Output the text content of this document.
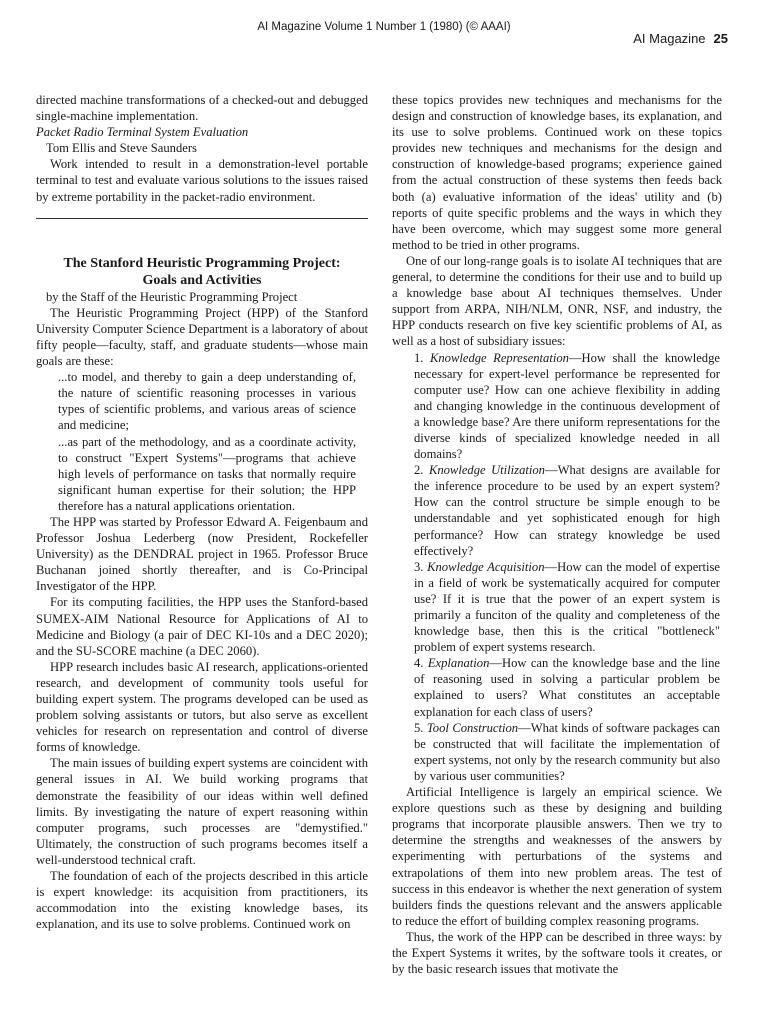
AI Magazine Volume 1 Number 1 (1980) (© AAAI)
AI Magazine 25

directed machine transformations of a checked-out and debugged single-machine implementation.

Packet Radio Terminal System Evaluation

Tom Ellis and Steve Saunders

Work intended to result in a demonstration-level portable terminal to test and evaluate various solutions to the issues raised by extreme portability in the packet-radio environment.

The Stanford Heuristic Programming Project:
Goals and Activities

by the Staff of the Heuristic Programming Project

The Heuristic Programming Project (HPP) of the Stanford University Computer Science Department is a laboratory of about fifty people—faculty, staff, and graduate students—whose main goals are these:

...to model, and thereby to gain a deep understanding of, the nature of scientific reasoning processes in various types of scientific problems, and various areas of science and medicine;

...as part of the methodology, and as a coordinate activity, to construct "Expert Systems"—programs that achieve high levels of performance on tasks that normally require significant human expertise for their solution; the HPP therefore has a natural applications orientation.

The HPP was started by Professor Edward A. Feigenbaum and Professor Joshua Lederberg (now President, Rockefeller University) as the DENDRAL project in 1965. Professor Bruce Buchanan joined shortly thereafter, and is Co-Principal Investigator of the HPP.

For its computing facilities, the HPP uses the Stanford-based SUMEX-AIM National Resource for Applications of AI to Medicine and Biology (a pair of DEC KI-10s and a DEC 2020); and the SU-SCORE machine (a DEC 2060).

HPP research includes basic AI research, applications-oriented research, and development of community tools useful for building expert system. The programs developed can be used as problem solving assistants or tutors, but also serve as excellent vehicles for research on representation and control of diverse forms of knowledge.

The main issues of building expert systems are coincident with general issues in AI. We build working programs that demonstrate the feasibility of our ideas within well defined limits. By investigating the nature of expert reasoning within computer programs, such processes are "demystified." Ultimately, the construction of such programs becomes itself a well-understood technical craft.

The foundation of each of the projects described in this article is expert knowledge: its acquisition from practitioners, its accommodation into the existing knowledge bases, its explanation, and its use to solve problems. Continued work on

these topics provides new techniques and mechanisms for the design and construction of knowledge bases, its explanation, and its use to solve problems. Continued work on these topics provides new techniques and mechanisms for the design and construction of knowledge-based programs; experience gained from the actual construction of these systems then feeds back both (a) evaluative information of the ideas' utility and (b) reports of quite specific problems and the ways in which they have been overcome, which may suggest some more general method to be tried in other programs.

One of our long-range goals is to isolate AI techniques that are general, to determine the conditions for their use and to build up a knowledge base about AI techniques themselves. Under support from ARPA, NIH/NLM, ONR, NSF, and industry, the HPP conducts research on five key scientific problems of AI, as well as a host of subsidiary issues:

1. Knowledge Representation—How shall the knowledge necessary for expert-level performance be represented for computer use? How can one achieve flexibility in adding and changing knowledge in the continuous development of a knowledge base? Are there uniform representations for the diverse kinds of specialized knowledge needed in all domains?

2. Knowledge Utilization—What designs are available for the inference procedure to be used by an expert system? How can the control structure be simple enough to be understandable and yet sophisticated enough for high performance? How can strategy knowledge be used effectively?

3. Knowledge Acquisition—How can the model of expertise in a field of work be systematically acquired for computer use? If it is true that the power of an expert system is primarily a funciton of the quality and completeness of the knowledge base, then this is the critical "bottleneck" problem of expert systems research.

4. Explanation—How can the knowledge base and the line of reasoning used in solving a particular problem be explained to users? What constitutes an acceptable explanation for each class of users?

5. Tool Construction—What kinds of software packages can be constructed that will facilitate the implementation of expert systems, not only by the research community but also by various user communities?

Artificial Intelligence is largely an empirical science. We explore questions such as these by designing and building programs that incorporate plausible answers. Then we try to determine the strengths and weaknesses of the answers by experimenting with perturbations of the systems and extrapolations of them into new problem areas. The test of success in this endeavor is whether the next generation of system builders finds the questions relevant and the answers applicable to reduce the effort of building complex reasoning programs.

Thus, the work of the HPP can be described in three ways: by the Expert Systems it writes, by the software tools it creates, or by the basic research issues that motivate the
